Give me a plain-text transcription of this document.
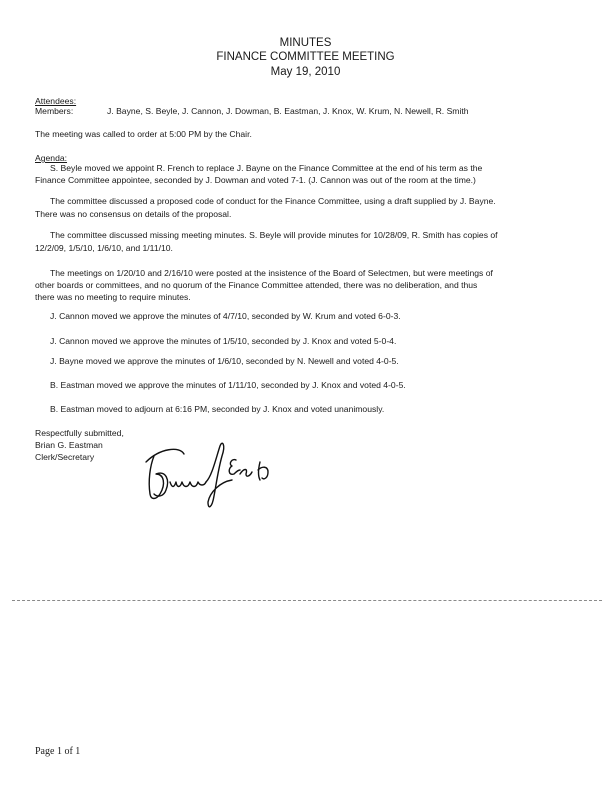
MINUTES
FINANCE COMMITTEE MEETING
May 19, 2010
Attendees:
Members:	J. Bayne, S. Beyle, J. Cannon, J. Dowman, B. Eastman, J. Knox, W. Krum, N. Newell, R. Smith
The meeting was called to order at 5:00 PM by the Chair.
Agenda:
S. Beyle moved we appoint R. French to replace J. Bayne on the Finance Committee at the end of his term as the
Finance Committee appointee, seconded by J. Dowman and voted 7-1. (J. Cannon was out of the room at the time.)
The committee discussed a proposed code of conduct for the Finance Committee, using a draft supplied by J. Bayne.
There was no consensus on details of the proposal.
The committee discussed missing meeting minutes. S. Beyle will provide minutes for 10/28/09, R. Smith has copies of
12/2/09, 1/5/10, 1/6/10, and 1/11/10.
The meetings on 1/20/10 and 2/16/10 were posted at the insistence of the Board of Selectmen, but were meetings of
other boards or committees, and no quorum of the Finance Committee attended, there was no deliberation, and thus
there was no meeting to require minutes.
J. Cannon moved we approve the minutes of 4/7/10, seconded by W. Krum and voted 6-0-3.
J. Cannon moved we approve the minutes of 1/5/10, seconded by J. Knox and voted 5-0-4.
J. Bayne moved we approve the minutes of 1/6/10, seconded by N. Newell and voted 4-0-5.
B. Eastman moved we approve the minutes of 1/11/10, seconded by J. Knox and voted 4-0-5.
B. Eastman moved to adjourn at 6:16 PM, seconded by J. Knox and voted unanimously.
Respectfully submitted,
Brian G. Eastman
Clerk/Secretary
Page 1 of 1
